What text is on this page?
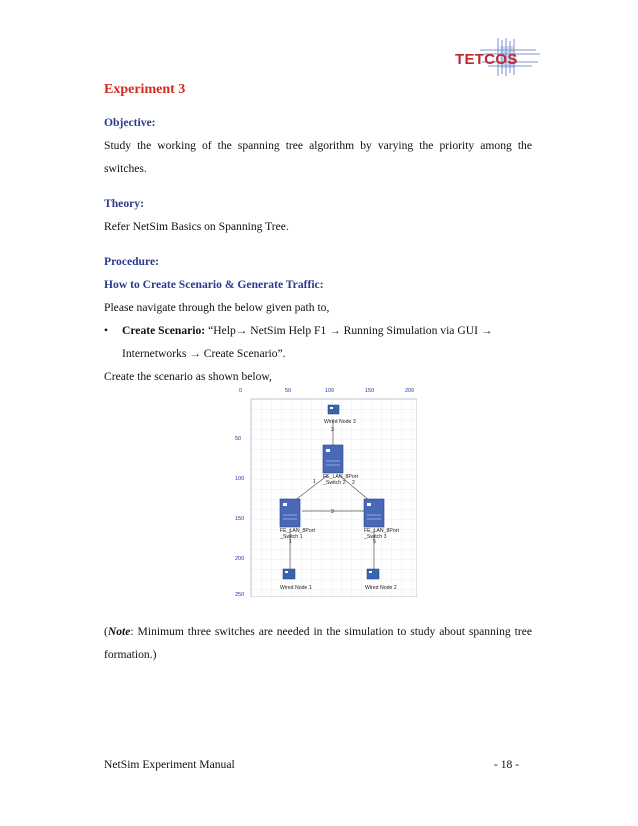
TETCOS
Experiment 3
Objective:
Study the working of the spanning tree algorithm by varying the priority among the switches.
Theory:
Refer NetSim Basics on Spanning Tree.
Procedure:
How to Create Scenario & Generate Traffic:
Please navigate through the below given path to,
•	Create Scenario: “Help→ NetSim Help F1 → Running Simulation via GUI → Internetworks → Create Scenario”.
Create the scenario as shown below,
0	50	100	150	200
50
100
150
200
250
Wired Node 3
3
FE_LAN_8Port
_Switch 2
1	2
FE_LAN_8Port
_Switch 1
1
FE_LAN_8Port
_Switch 3
5
3
Wired Node 1	Wired Node 2
(Note: Minimum three switches are needed in the simulation to study about spanning tree formation.)
NetSim Experiment Manual	- 18 -
